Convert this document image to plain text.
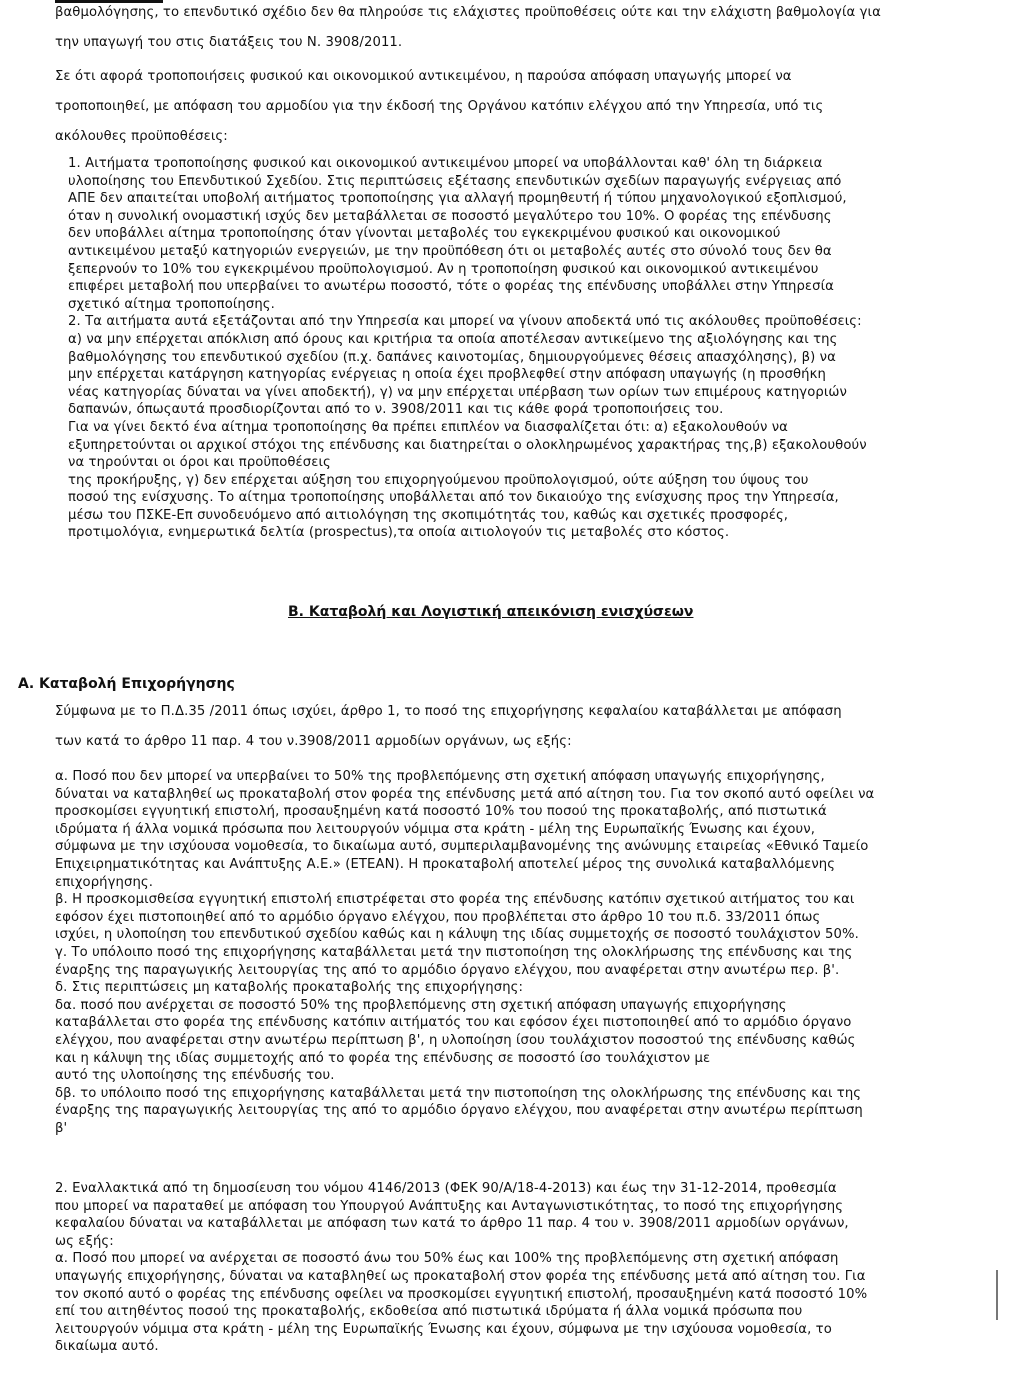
βαθμολόγησης, το επενδυτικό σχέδιο δεν θα πληρούσε τις ελάχιστες προϋποθέσεις ούτε και την ελάχιστη βαθμολογία για
την υπαγωγή του στις διατάξεις του Ν. 3908/2011.
Σε ότι αφορά τροποποιήσεις φυσικού και οικονομικού αντικειμένου, η παρούσα απόφαση υπαγωγής μπορεί να
τροποποιηθεί, με απόφαση του αρμοδίου για την έκδοσή της Οργάνου κατόπιν ελέγχου από την Υπηρεσία, υπό τις
ακόλουθες προϋποθέσεις:
1. Αιτήματα τροποποίησης φυσικού και οικονομικού αντικειμένου μπορεί να υποβάλλονται καθ' όλη τη διάρκεια
υλοποίησης του Επενδυτικού Σχεδίου. Στις περιπτώσεις εξέτασης επενδυτικών σχεδίων παραγωγής ενέργειας από
ΑΠΕ δεν απαιτείται υποβολή αιτήματος τροποποίησης για αλλαγή προμηθευτή ή τύπου μηχανολογικού εξοπλισμού,
όταν η συνολική ονομαστική ισχύς δεν μεταβάλλεται σε ποσοστό μεγαλύτερο του 10%. Ο φορέας της επένδυσης
δεν υποβάλλει αίτημα τροποποίησης όταν γίνονται μεταβολές του εγκεκριμένου φυσικού και οικονομικού
αντικειμένου μεταξύ κατηγοριών ενεργειών, με την προϋπόθεση ότι οι μεταβολές αυτές στο σύνολό τους δεν θα
ξεπερνούν το 10% του εγκεκριμένου προϋπολογισμού. Αν η τροποποίηση φυσικού και οικονομικού αντικειμένου
επιφέρει μεταβολή που υπερβαίνει το ανωτέρω ποσοστό, τότε ο φορέας της επένδυσης υποβάλλει στην Υπηρεσία
σχετικό αίτημα τροποποίησης.
2. Τα αιτήματα αυτά εξετάζονται από την Υπηρεσία και μπορεί να γίνουν αποδεκτά υπό τις ακόλουθες προϋποθέσεις:
α) να μην επέρχεται απόκλιση από όρους και κριτήρια τα οποία αποτέλεσαν αντικείμενο της αξιολόγησης και της
βαθμολόγησης του επενδυτικού σχεδίου (π.χ. δαπάνες καινοτομίας, δημιουργούμενες θέσεις απασχόλησης), β) να
μην επέρχεται κατάργηση κατηγορίας ενέργειας η οποία έχει προβλεφθεί στην απόφαση υπαγωγής (η προσθήκη
νέας κατηγορίας δύναται να γίνει αποδεκτή), γ) να μην επέρχεται υπέρβαση των ορίων των επιμέρους κατηγοριών
δαπανών, όπωςαυτά προσδιορίζονται από το ν. 3908/2011 και τις κάθε φορά τροποποιήσεις του.
Για να γίνει δεκτό ένα αίτημα τροποποίησης θα πρέπει επιπλέον να διασφαλίζεται ότι: α) εξακολουθούν να
εξυπηρετούνται οι αρχικοί στόχοι της επένδυσης και διατηρείται ο ολοκληρωμένος χαρακτήρας της,β) εξακολουθούν
να τηρούνται οι όροι και προϋποθέσεις
της προκήρυξης, γ) δεν επέρχεται αύξηση του επιχορηγούμενου προϋπολογισμού, ούτε αύξηση του ύψους του
ποσού της ενίσχυσης. Το αίτημα τροποποίησης υποβάλλεται από τον δικαιούχο της ενίσχυσης προς την Υπηρεσία,
μέσω του ΠΣΚΕ-Επ συνοδευόμενο από αιτιολόγηση της σκοπιμότητάς του, καθώς και σχετικές προσφορές,
προτιμολόγια, ενημερωτικά δελτία (prospectus),τα οποία αιτιολογούν τις μεταβολές στο κόστος.
Β. Καταβολή και Λογιστική απεικόνιση ενισχύσεων
Α. Καταβολή Επιχορήγησης
Σύμφωνα με το Π.Δ.35 /2011 όπως ισχύει, άρθρο 1, το ποσό της επιχορήγησης κεφαλαίου καταβάλλεται με απόφαση
των κατά το άρθρο 11 παρ. 4 του ν.3908/2011 αρμοδίων οργάνων, ως εξής:
α. Ποσό που δεν μπορεί να υπερβαίνει το 50% της προβλεπόμενης στη σχετική απόφαση υπαγωγής επιχορήγησης,
δύναται να καταβληθεί ως προκαταβολή στον φορέα της επένδυσης μετά από αίτηση του. Για τον σκοπό αυτό οφείλει να
προσκομίσει εγγυητική επιστολή, προσαυξημένη κατά ποσοστό 10% του ποσού της προκαταβολής, από πιστωτικά
ιδρύματα ή άλλα νομικά πρόσωπα που λειτουργούν νόμιμα στα κράτη - μέλη της Ευρωπαϊκής Ένωσης και έχουν,
σύμφωνα με την ισχύουσα νομοθεσία, το δικαίωμα αυτό, συμπεριλαμβανομένης της ανώνυμης εταιρείας «Εθνικό Ταμείο
Επιχειρηματικότητας και Ανάπτυξης Α.Ε.» (ΕΤΕΑΝ). Η προκαταβολή αποτελεί μέρος της συνολικά καταβαλλόμενης
επιχορήγησης.
β. Η προσκομισθείσα εγγυητική επιστολή επιστρέφεται στο φορέα της επένδυσης κατόπιν σχετικού αιτήματος του και
εφόσον έχει πιστοποιηθεί από το αρμόδιο όργανο ελέγχου, που προβλέπεται στο άρθρο 10 του π.δ. 33/2011 όπως
ισχύει, η υλοποίηση του επενδυτικού σχεδίου καθώς και η κάλυψη της ιδίας συμμετοχής σε ποσοστό τουλάχιστον 50%.
γ. Το υπόλοιπο ποσό της επιχορήγησης καταβάλλεται μετά την πιστοποίηση της ολοκλήρωσης της επένδυσης και της
έναρξης της παραγωγικής λειτουργίας της από το αρμόδιο όργανο ελέγχου, που αναφέρεται στην ανωτέρω περ. β'.
δ. Στις περιπτώσεις μη καταβολής προκαταβολής της επιχορήγησης:
δα. ποσό που ανέρχεται σε ποσοστό 50% της προβλεπόμενης στη σχετική απόφαση υπαγωγής επιχορήγησης
καταβάλλεται στο φορέα της επένδυσης κατόπιν αιτήματός του και εφόσον έχει πιστοποιηθεί από το αρμόδιο όργανο
ελέγχου, που αναφέρεται στην ανωτέρω περίπτωση β', η υλοποίηση ίσου τουλάχιστον ποσοστού της επένδυσης καθώς
και η κάλυψη της ιδίας συμμετοχής από το φορέα της επένδυσης σε ποσοστό ίσο τουλάχιστον με
αυτό της υλοποίησης της επένδυσής του.
δβ. το υπόλοιπο ποσό της επιχορήγησης καταβάλλεται μετά την πιστοποίηση της ολοκλήρωσης της επένδυσης και της
έναρξης της παραγωγικής λειτουργίας της από το αρμόδιο όργανο ελέγχου, που αναφέρεται στην ανωτέρω περίπτωση
β'
2. Εναλλακτικά από τη δημοσίευση του νόμου 4146/2013 (ΦΕΚ 90/Α/18-4-2013) και έως την 31-12-2014, προθεσμία
που μπορεί να παραταθεί με απόφαση του Υπουργού Ανάπτυξης και Ανταγωνιστικότητας, το ποσό της επιχορήγησης
κεφαλαίου δύναται να καταβάλλεται με απόφαση των κατά το άρθρο 11 παρ. 4 του ν. 3908/2011 αρμοδίων οργάνων,
ως εξής:
α. Ποσό που μπορεί να ανέρχεται σε ποσοστό άνω του 50% έως και 100% της προβλεπόμενης στη σχετική απόφαση
υπαγωγής επιχορήγησης, δύναται να καταβληθεί ως προκαταβολή στον φορέα της επένδυσης μετά από αίτηση του. Για
τον σκοπό αυτό ο φορέας της επένδυσης οφείλει να προσκομίσει εγγυητική επιστολή, προσαυξημένη κατά ποσοστό 10%
επί του αιτηθέντος ποσού της προκαταβολής, εκδοθείσα από πιστωτικά ιδρύματα ή άλλα νομικά πρόσωπα που
λειτουργούν νόμιμα στα κράτη - μέλη της Ευρωπαϊκής Ένωσης και έχουν, σύμφωνα με την ισχύουσα νομοθεσία, το
δικαίωμα αυτό.
